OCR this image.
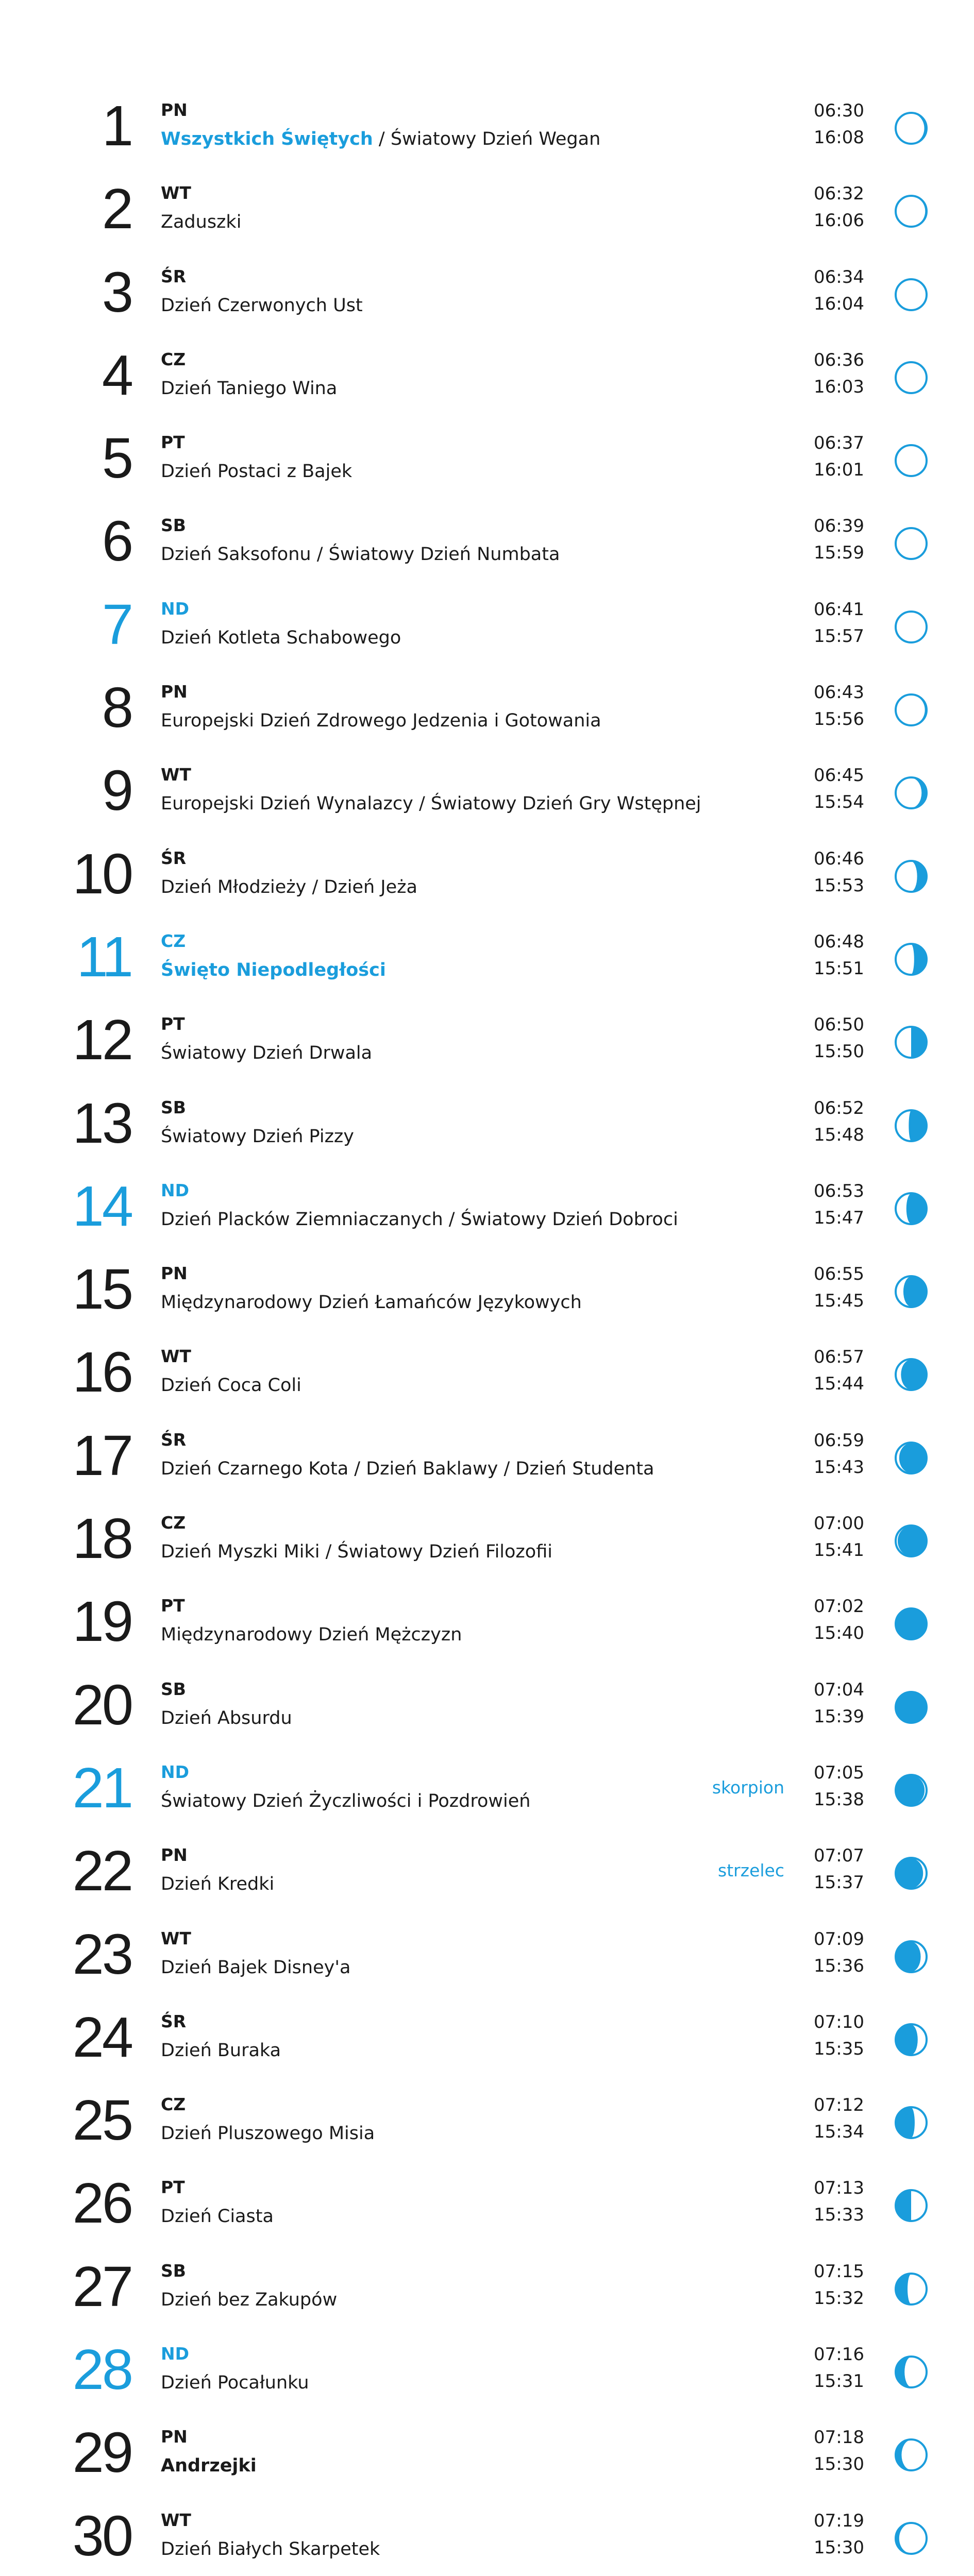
1 PN
Wszystkich Świętych / Światowy Dzień Wegan
06:30
16:08
2 WT
Zaduszki
06:32
16:06
3 ŚR
Dzień Czerwonych Ust
06:34
16:04
4 CZ
Dzień Taniego Wina
06:36
16:03
5 PT
Dzień Postaci z Bajek
06:37
16:01
6 SB
Dzień Saksofonu / Światowy Dzień Numbata
06:39
15:59
7 ND
Dzień Kotleta Schabowego
06:41
15:57
8 PN
Europejski Dzień Zdrowego Jedzenia i Gotowania
06:43
15:56
9 WT
Europejski Dzień Wynalazcy / Światowy Dzień Gry Wstępnej
06:45
15:54
10 ŚR
Dzień Młodzieży / Dzień Jeża
06:46
15:53
11 CZ
Święto Niepodległości
06:48
15:51
12 PT
Światowy Dzień Drwala
06:50
15:50
13 SB
Światowy Dzień Pizzy
06:52
15:48
14 ND
Dzień Placków Ziemniaczanych / Światowy Dzień Dobroci
06:53
15:47
15 PN
Międzynarodowy Dzień Łamańców Językowych
06:55
15:45
16 WT
Dzień Coca Coli
06:57
15:44
17 ŚR
Dzień Czarnego Kota / Dzień Baklawy / Dzień Studenta
06:59
15:43
18 CZ
Dzień Myszki Miki / Światowy Dzień Filozofii
07:00
15:41
19 PT
Międzynarodowy Dzień Mężczyzn
07:02
15:40
20 SB
Dzień Absurdu
07:04
15:39
21 ND
Światowy Dzień Życzliwości i Pozdrowień
skorpion
07:05
15:38
22 PN
Dzień Kredki
strzelec
07:07
15:37
23 WT
Dzień Bajek Disney'a
07:09
15:36
24 ŚR
Dzień Buraka
07:10
15:35
25 CZ
Dzień Pluszowego Misia
07:12
15:34
26 PT
Dzień Ciasta
07:13
15:33
27 SB
Dzień bez Zakupów
07:15
15:32
28 ND
Dzień Pocałunku
07:16
15:31
29 PN
Andrzejki
07:18
15:30
30 WT
Dzień Białych Skarpetek
07:19
15:30
